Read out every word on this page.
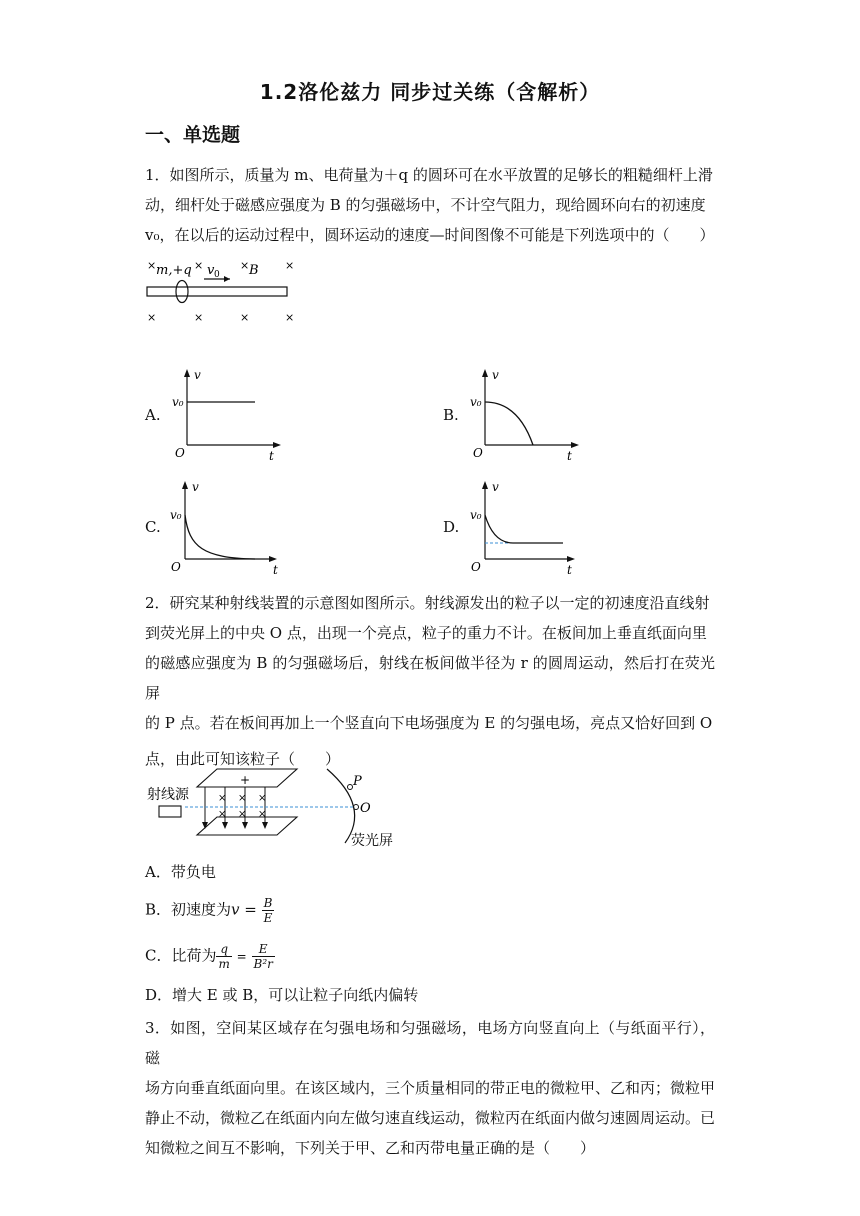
1.2洛伦兹力 同步过关练（含解析）
一、单选题
1．如图所示，质量为 m、电荷量为＋q 的圆环可在水平放置的足够长的粗糙细杆上滑
动，细杆处于磁感应强度为 B 的匀强磁场中，不计空气阻力，现给圆环向右的初速度
v₀，在以后的运动过程中，圆环运动的速度—时间图像不可能是下列选项中的（　　）
× m,+q × v 0
× B ×
×	×	×	×
A.
v
v₀
O	t
B.
v
v₀
O	t
C.
v
v₀
O	t
D.
v
v₀
O	t
2．研究某种射线装置的示意图如图所示。射线源发出的粒子以一定的初速度沿直线射
到荧光屏上的中央 O 点，出现一个亮点，粒子的重力不计。在板间加上垂直纸面向里
的磁感应强度为 B 的匀强磁场后，射线在板间做半径为 r 的圆周运动，然后打在荧光屏
的 P 点。若在板间再加上一个竖直向下电场强度为 E 的匀强电场，亮点又恰好回到 O
点，由此可知该粒子（　　）
射线源
+
× × ×
× × ×
P
O
荧光屏
A．带负电
B．初速度为$v = \frac{B}{E}$
C．比荷为 $\frac{q}{m} = \frac{E}{\text{B²r}}$
D．增大 E 或 B，可以让粒子向纸内偏转
3．如图，空间某区域存在匀强电场和匀强磁场，电场方向竖直向上（与纸面平行），磁
场方向垂直纸面向里。在该区域内，三个质量相同的带正电的微粒甲、乙和丙；微粒甲
静止不动，微粒乙在纸面内向左做匀速直线运动，微粒丙在纸面内做匀速圆周运动。已
知微粒之间互不影响，下列关于甲、乙和丙带电量正确的是（　　）
